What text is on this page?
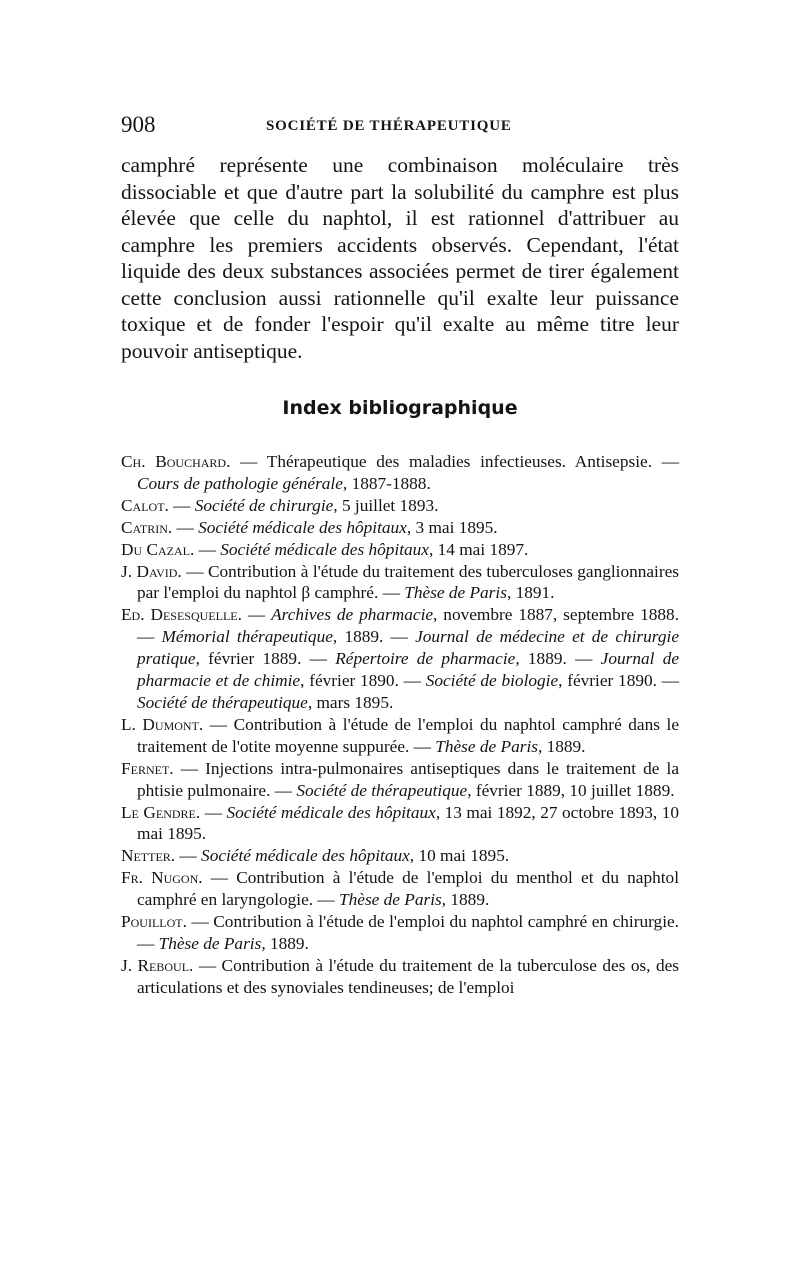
908	SOCIÉTÉ DE THÉRAPEUTIQUE

camphré représente une combinaison moléculaire très dissociable et que d'autre part la solubilité du camphre est plus élevée que celle du naphtol, il est rationnel d'attribuer au camphre les premiers accidents observés. Cependant, l'état liquide des deux substances associées permet de tirer également cette conclusion aussi rationnelle qu'il exalte leur puissance toxique et de fonder l'espoir qu'il exalte au même titre leur pouvoir antiseptique.

Index bibliographique
Ch. Bouchard. — Thérapeutique des maladies infectieuses. Antisepsie. — Cours de pathologie générale, 1887-1888.
Calot. — Société de chirurgie, 5 juillet 1893.
Catrin. — Société médicale des hôpitaux, 3 mai 1895.
Du Cazal. — Société médicale des hôpitaux, 14 mai 1897.
J. David. — Contribution à l'étude du traitement des tuberculoses ganglionnaires par l'emploi du naphtol β camphré. — Thèse de Paris, 1891.
Ed. Desesquelle. — Archives de pharmacie, novembre 1887, septembre 1888. — Mémorial thérapeutique, 1889. — Journal de médecine et de chirurgie pratique, février 1889. — Répertoire de pharmacie, 1889. — Journal de pharmacie et de chimie, février 1890. — Société de biologie, février 1890. — Société de thérapeutique, mars 1895.
L. Dumont. — Contribution à l'étude de l'emploi du naphtol camphré dans le traitement de l'otite moyenne suppurée. — Thèse de Paris, 1889.
Fernet. — Injections intra-pulmonaires antiseptiques dans le traitement de la phtisie pulmonaire. — Société de thérapeutique, février 1889, 10 juillet 1889.
Le Gendre. — Société médicale des hôpitaux, 13 mai 1892, 27 octobre 1893, 10 mai 1895.
Netter. — Société médicale des hôpitaux, 10 mai 1895.
Fr. Nugon. — Contribution à l'étude de l'emploi du menthol et du naphtol camphré en laryngologie. — Thèse de Paris, 1889.
Pouillot. — Contribution à l'étude de l'emploi du naphtol camphré en chirurgie. — Thèse de Paris, 1889.
J. Reboul. — Contribution à l'étude du traitement de la tuberculose des os, des articulations et des synoviales tendineuses; de l'emploi
